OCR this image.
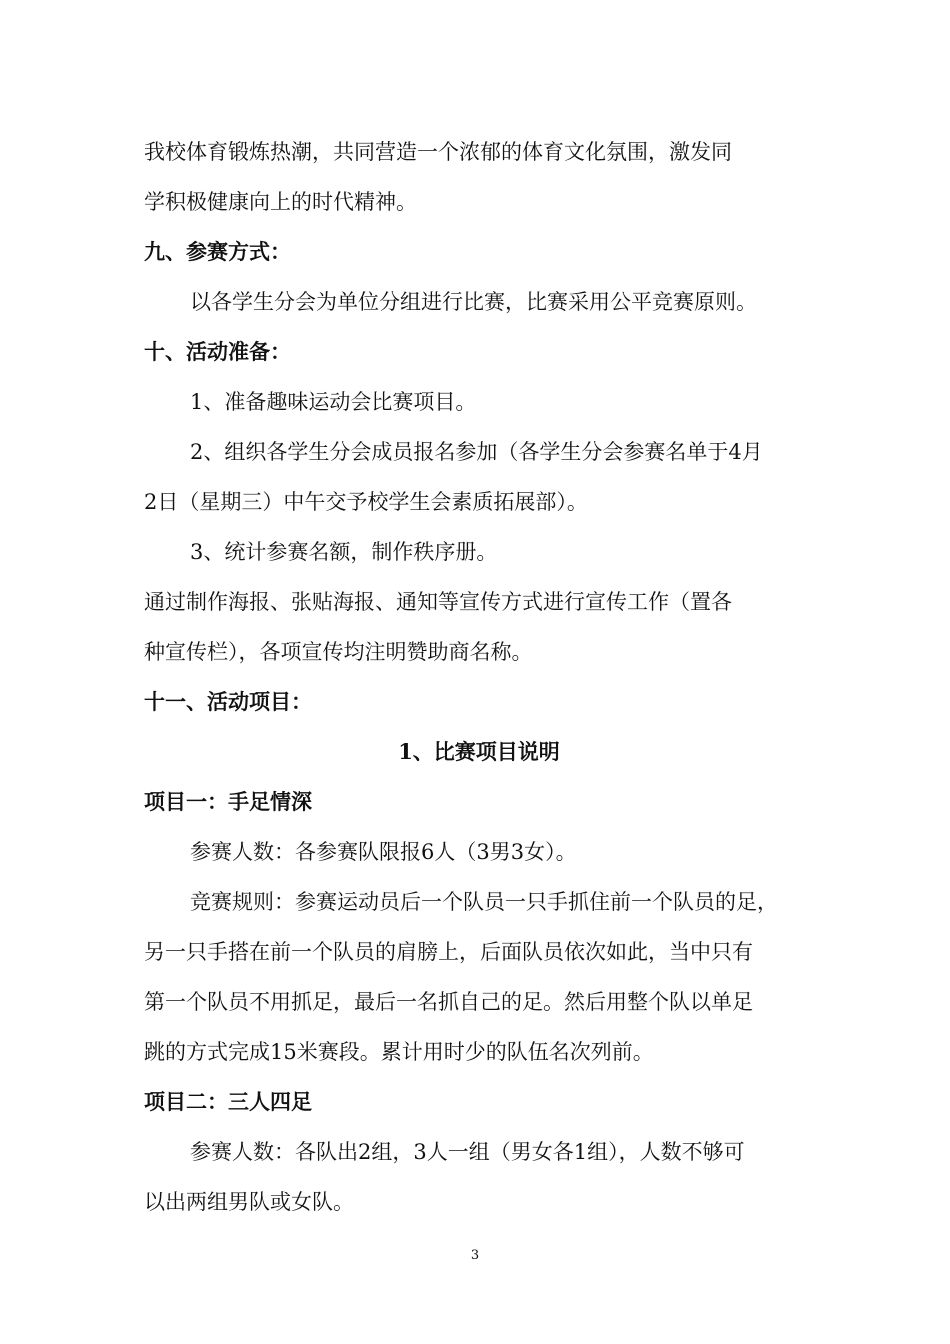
我校体育锻炼热潮，共同营造一个浓郁的体育文化氛围，激发同
学积极健康向上的时代精神。
九、参赛方式：
以各学生分会为单位分组进行比赛，比赛采用公平竞赛原则。
十、活动准备：
1、准备趣味运动会比赛项目。
2、组织各学生分会成员报名参加（各学生分会参赛名单于4月
2日（星期三）中午交予校学生会素质拓展部）。
3、统计参赛名额，制作秩序册。
通过制作海报、张贴海报、通知等宣传方式进行宣传工作（置各
种宣传栏），各项宣传均注明赞助商名称。
十一、活动项目：
1、比赛项目说明
项目一：手足情深
参赛人数：各参赛队限报6人（3男3女）。
竞赛规则：参赛运动员后一个队员一只手抓住前一个队员的足，
另一只手搭在前一个队员的肩膀上，后面队员依次如此，当中只有
第一个队员不用抓足，最后一名抓自己的足。然后用整个队以单足
跳的方式完成15米赛段。累计用时少的队伍名次列前。
项目二：三人四足
参赛人数：各队出2组，3人一组（男女各1组），人数不够可
以出两组男队或女队。
3
